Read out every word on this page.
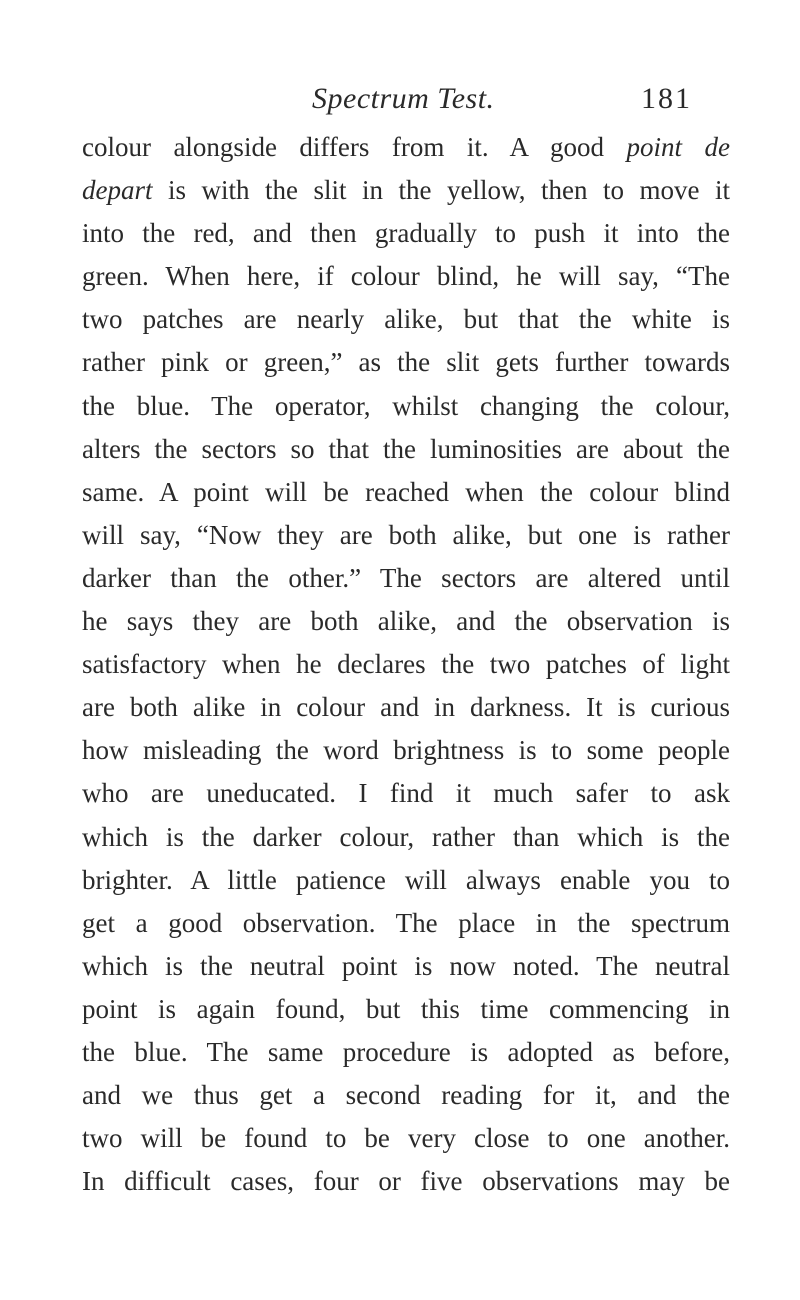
Spectrum Test.	181
colour alongside differs from it. A good point de
depart is with the slit in the yellow, then to move it
into the red, and then gradually to push it into the
green. When here, if colour blind, he will say, “The
two patches are nearly alike, but that the white is
rather pink or green,” as the slit gets further towards
the blue. The operator, whilst changing the colour,
alters the sectors so that the luminosities are about the
same. A point will be reached when the colour blind
will say, “Now they are both alike, but one is rather
darker than the other.” The sectors are altered until
he says they are both alike, and the observation is
satisfactory when he declares the two patches of light
are both alike in colour and in darkness. It is curious
how misleading the word brightness is to some people
who are uneducated. I find it much safer to ask
which is the darker colour, rather than which is the
brighter. A little patience will always enable you to
get a good observation. The place in the spectrum
which is the neutral point is now noted. The neutral
point is again found, but this time commencing in
the blue. The same procedure is adopted as before,
and we thus get a second reading for it, and the
two will be found to be very close to one another.
In difficult cases, four or five observations may be
